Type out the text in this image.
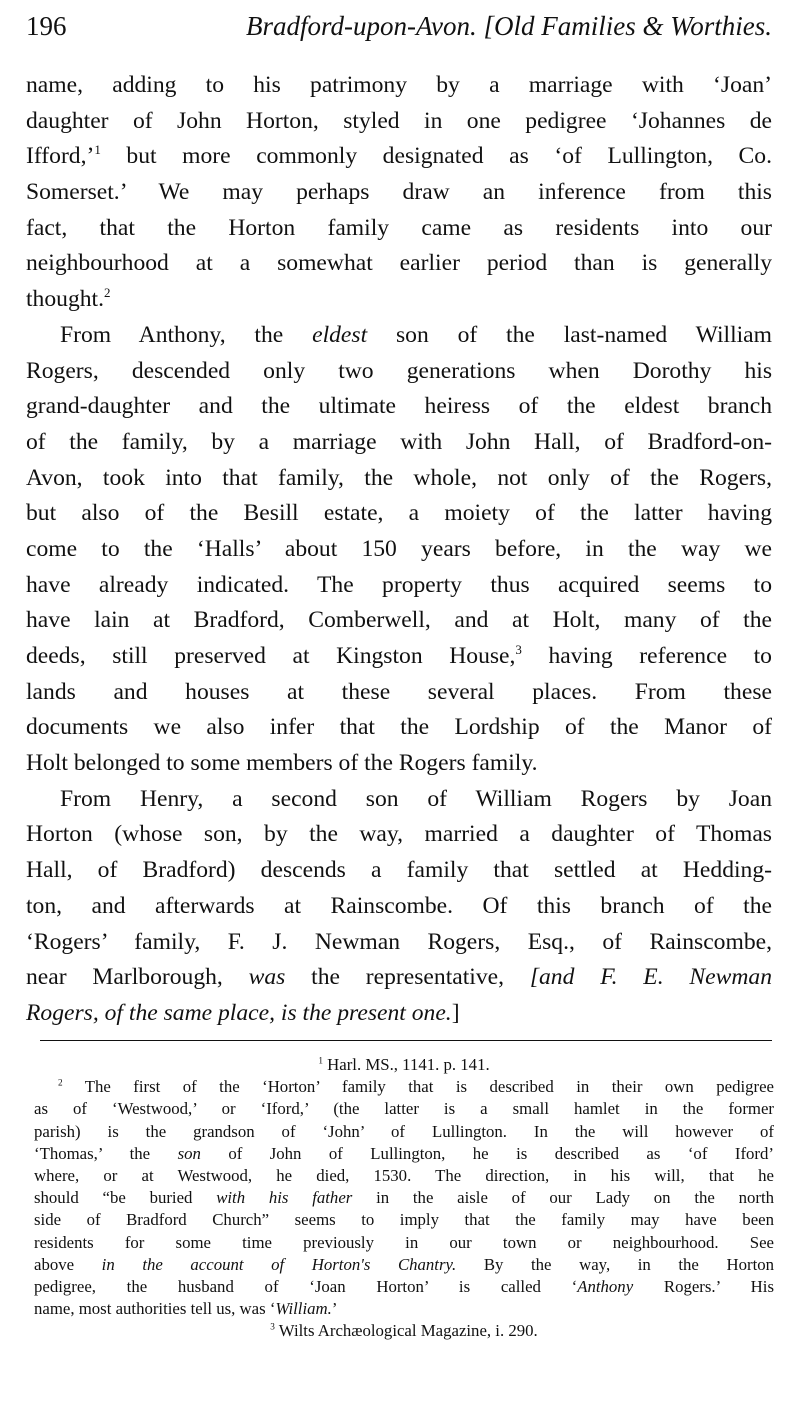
196	Bradford-upon-Avon. [Old Families & Worthies.
name, adding to his patrimony by a marriage with ‘Joan’
daughter of John Horton, styled in one pedigree ‘Johannes de
Ifford,’$^1$ but more commonly designated as ‘of Lullington, Co.
Somerset.’ We may perhaps draw an inference from this
fact, that the Horton family came as residents into our
neighbourhood at a somewhat earlier period than is generally
thought.$^2$
From Anthony, the eldest son of the last-named William
Rogers, descended only two generations when Dorothy his
grand-daughter and the ultimate heiress of the eldest branch
of the family, by a marriage with John Hall, of Bradford-on-
Avon, took into that family, the whole, not only of the Rogers,
but also of the Besill estate, a moiety of the latter having
come to the ‘Halls’ about 150 years before, in the way we
have already indicated. The property thus acquired seems to
have lain at Bradford, Comberwell, and at Holt, many of the
deeds, still preserved at Kingston House,$^3$ having reference to
lands and houses at these several places. From these
documents we also infer that the Lordship of the Manor of
Holt belonged to some members of the Rogers family.
From Henry, a second son of William Rogers by Joan
Horton (whose son, by the way, married a daughter of Thomas
Hall, of Bradford) descends a family that settled at Hedding-
ton, and afterwards at Rainscombe. Of this branch of the
‘Rogers’ family, F. J. Newman Rogers, Esq., of Rainscombe,
near Marlborough, was the representative, [and F. E. Newman
Rogers, of the same place, is the present one.]
$^1$ Harl. MS., 1141. p. 141.
$^2$ The first of the ‘Horton’ family that is described in their own pedigree
as of ‘Westwood,’ or ‘Iford,’ (the latter is a small hamlet in the former
parish) is the grandson of ‘John’ of Lullington. In the will however of
‘Thomas,’ the son of John of Lullington, he is described as ‘of Iford’
where, or at Westwood, he died, 1530. The direction, in his will, that he
should “be buried with his father in the aisle of our Lady on the north
side of Bradford Church” seems to imply that the family may have been
residents for some time previously in our town or neighbourhood. See
above in the account of Horton's Chantry. By the way, in the Horton
pedigree, the husband of ‘Joan Horton’ is called ‘Anthony Rogers.’ His
name, most authorities tell us, was ‘William.’
$^3$ Wilts Archæological Magazine, i. 290.
